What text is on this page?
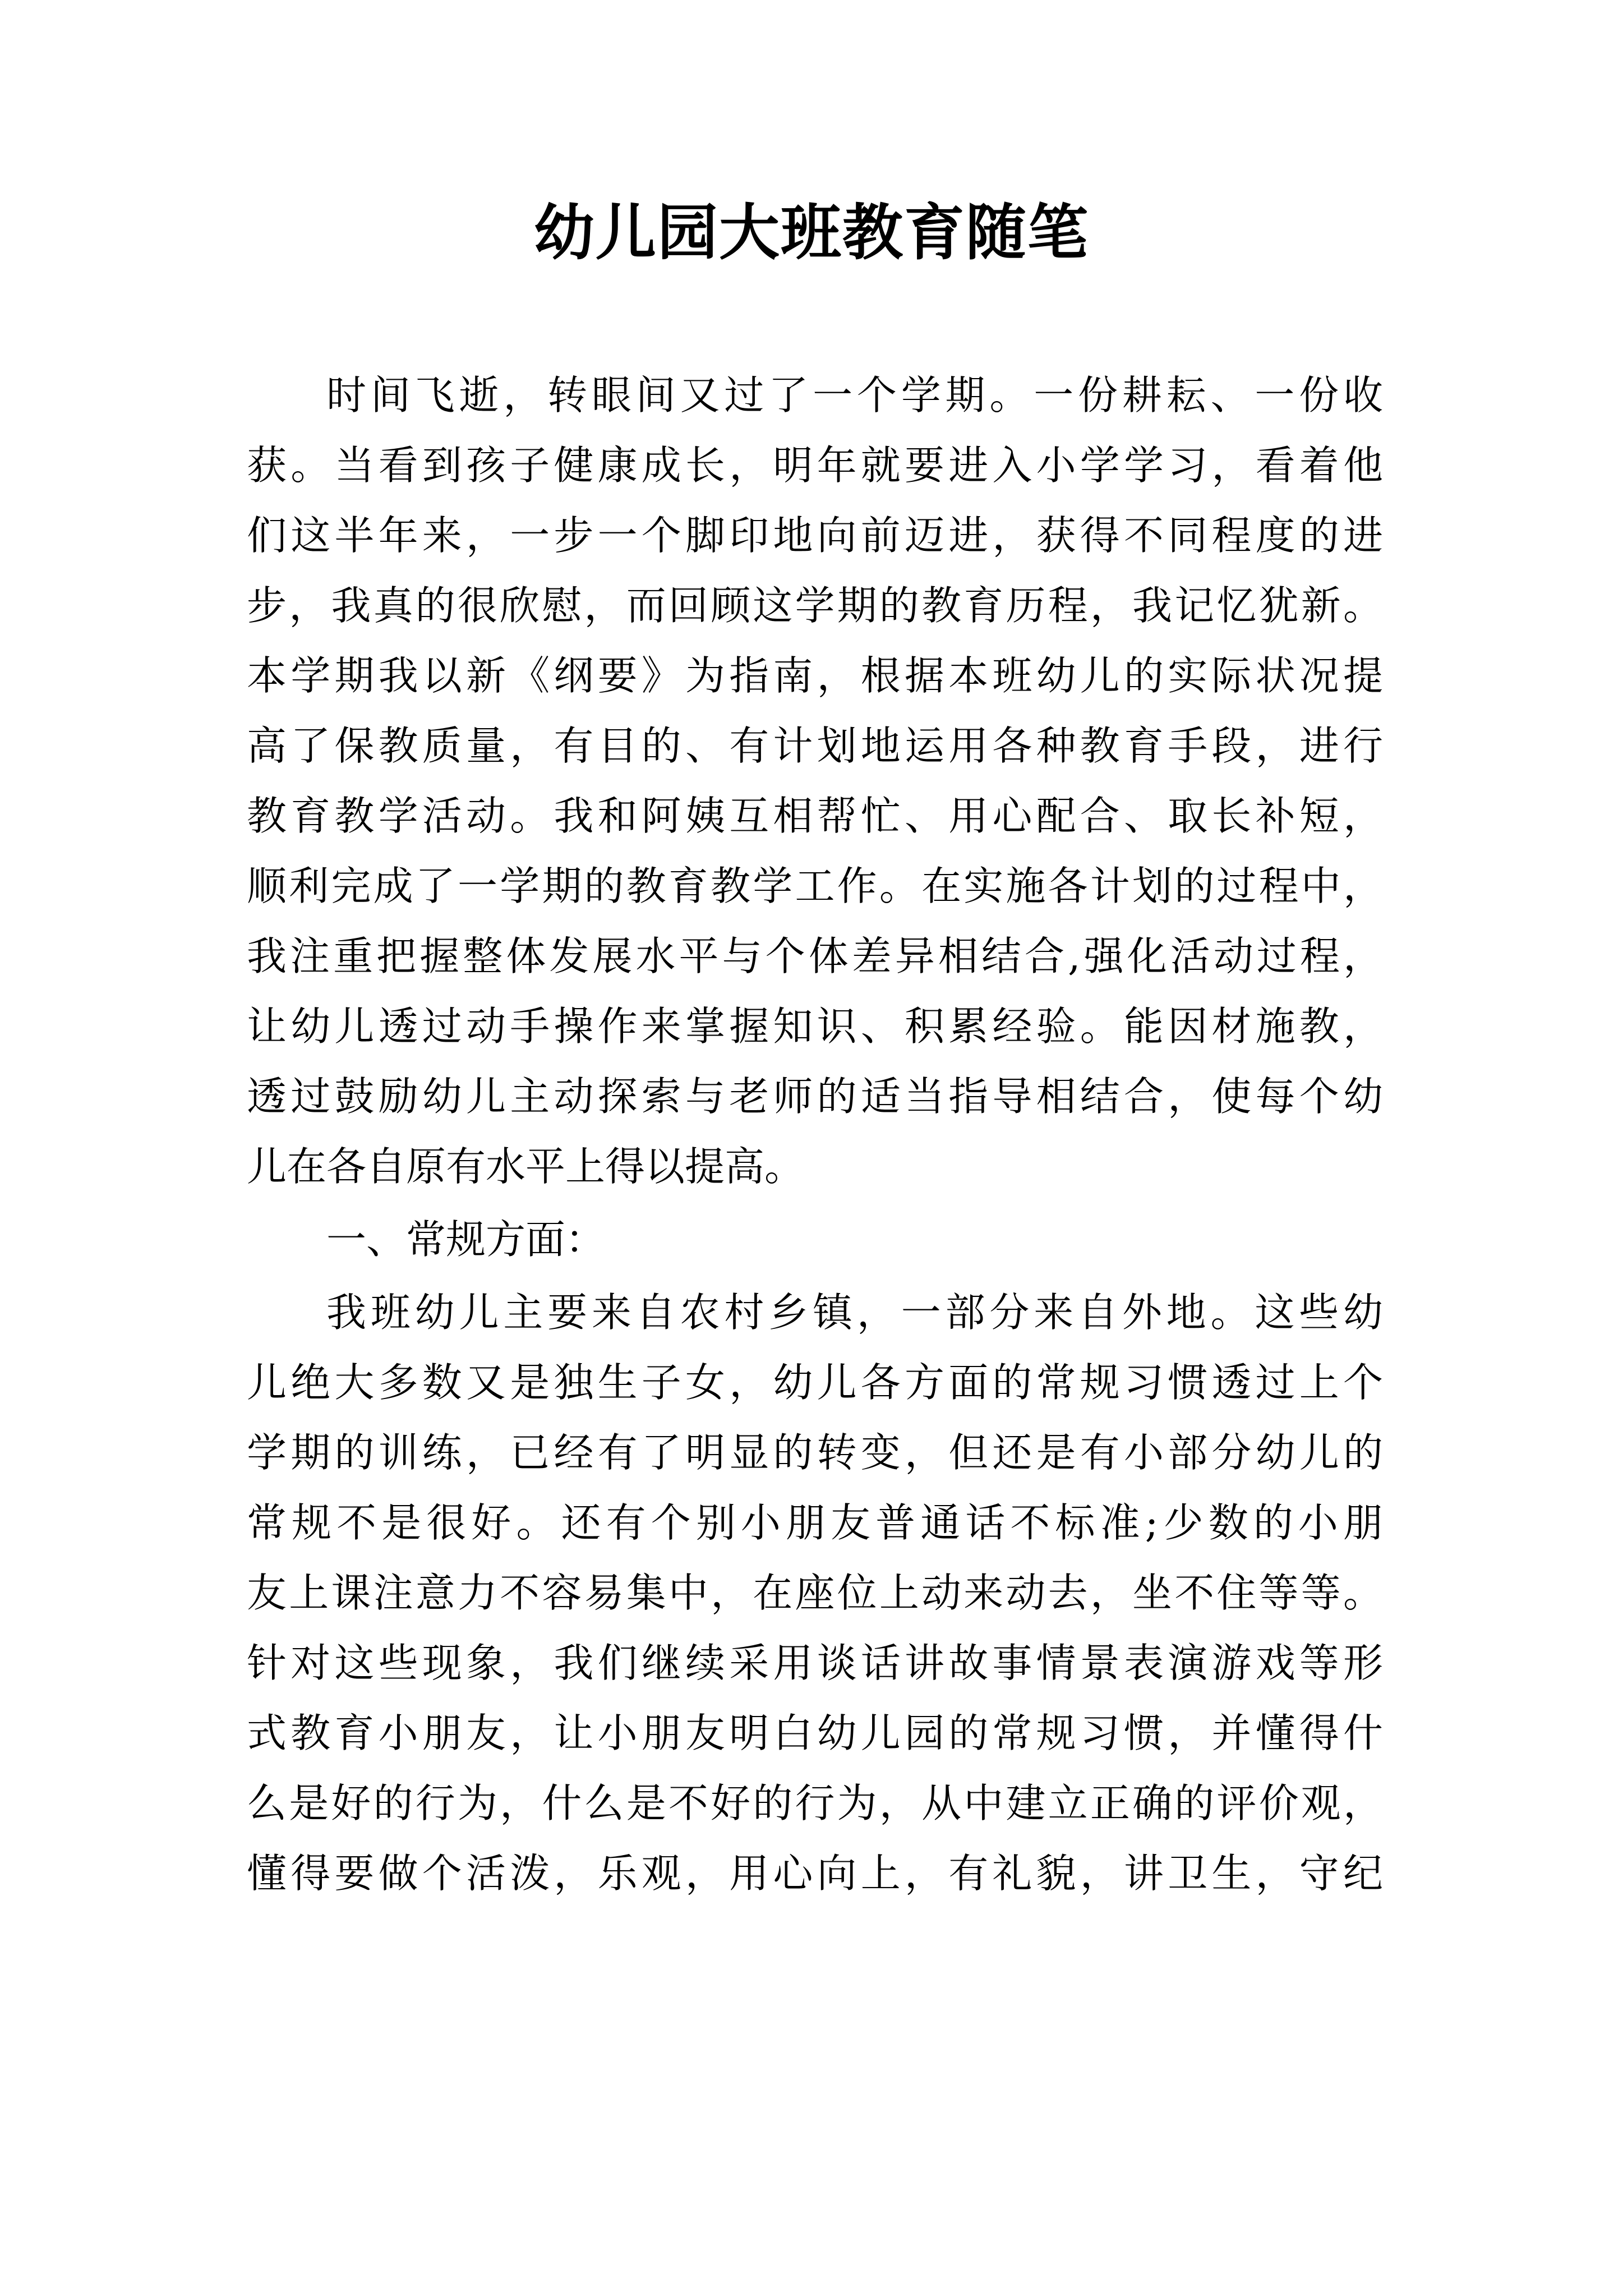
幼儿园大班教育随笔

时间飞逝，转眼间又过了一个学期。一份耕耘、一份收

获。当看到孩子健康成长，明年就要进入小学学习，看着他

们这半年来，一步一个脚印地向前迈进，获得不同程度的进

步，我真的很欣慰，而回顾这学期的教育历程，我记忆犹新。

本学期我以新《纲要》为指南，根据本班幼儿的实际状况提

高了保教质量，有目的、有计划地运用各种教育手段，进行

教育教学活动。我和阿姨互相帮忙、用心配合、取长补短，

顺利完成了一学期的教育教学工作。在实施各计划的过程中，

我注重把握整体发展水平与个体差异相结合,强化活动过程，

让幼儿透过动手操作来掌握知识、积累经验。能因材施教，

透过鼓励幼儿主动探索与老师的适当指导相结合，使每个幼

儿在各自原有水平上得以提高。

一、常规方面：

我班幼儿主要来自农村乡镇，一部分来自外地。这些幼

儿绝大多数又是独生子女，幼儿各方面的常规习惯透过上个

学期的训练，已经有了明显的转变，但还是有小部分幼儿的

常规不是很好。还有个别小朋友普通话不标准;少数的小朋

友上课注意力不容易集中，在座位上动来动去，坐不住等等。

针对这些现象，我们继续采用谈话讲故事情景表演游戏等形

式教育小朋友，让小朋友明白幼儿园的常规习惯，并懂得什

么是好的行为，什么是不好的行为，从中建立正确的评价观，

懂得要做个活泼，乐观，用心向上，有礼貌，讲卫生，守纪
